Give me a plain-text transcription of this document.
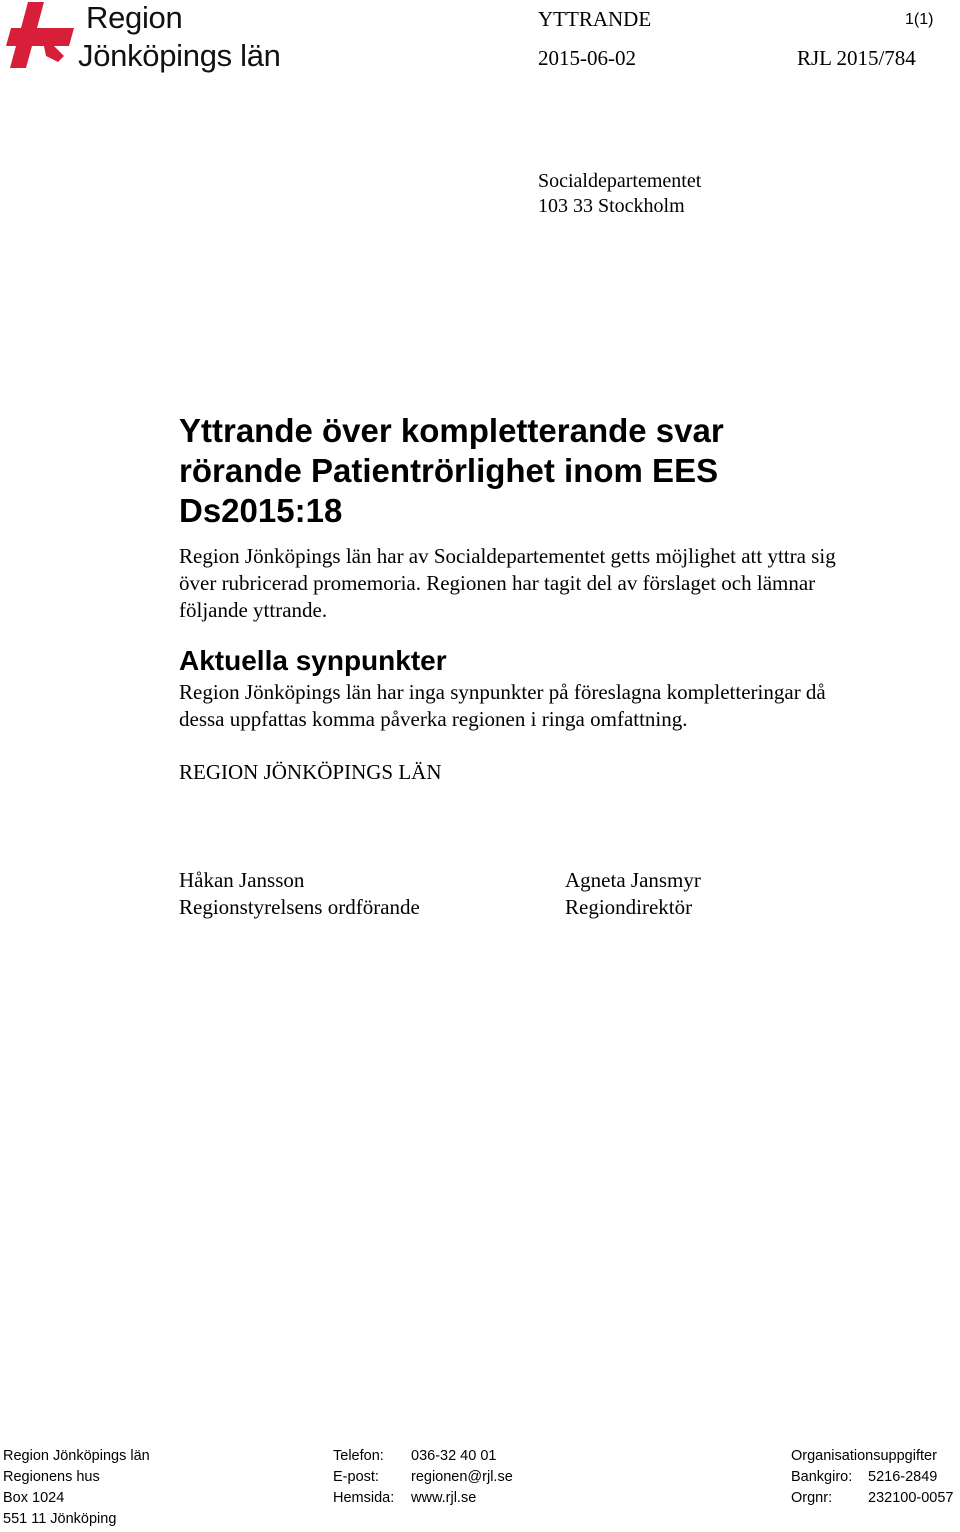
Region
Jönköpings län
YTTRANDE	1(1)
2015-06-02	RJL 2015/784
Socialdepartementet
103 33 Stockholm
Yttrande över kompletterande svar
rörande Patientrörlighet inom EES
Ds2015:18
Region Jönköpings län har av Socialdepartementet getts möjlighet att yttra sig
över rubricerad promemoria. Regionen har tagit del av förslaget och lämnar
följande yttrande.
Aktuella synpunkter
Region Jönköpings län har inga synpunkter på föreslagna kompletteringar då
dessa uppfattas komma påverka regionen i ringa omfattning.
REGION JÖNKÖPINGS LÄN
Håkan Jansson
Regionstyrelsens ordförande
Agneta Jansmyr
Regiondirektör
Region Jönköpings län
Regionens hus
Box 1024
551 11 Jönköping
Telefon:
E-post:
Hemsida:
036-32 40 01
regionen@rjl.se
www.rjl.se
Organisationsuppgifter
Bankgiro:
Orgnr:
5216-2849
232100-0057
